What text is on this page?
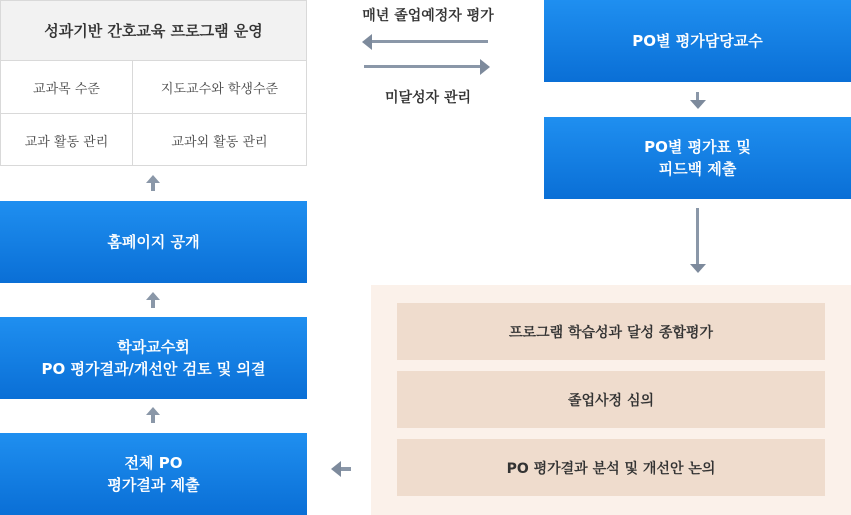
성과기반 간호교육 프로그램 운영
교과목 수준	지도교수와 학생수준
교과 활동 관리	교과외 활동 관리
홈페이지 공개
학과교수회
PO 평가결과/개선안 검토 및 의결
전체 PO
평가결과 제출
매년 졸업예정자 평가
미달성자 관리
PO별 평가담당교수
PO별 평가표 및
피드백 제출
프로그램 학습성과 달성 종합평가
졸업사정 심의
PO 평가결과 분석 및 개선안 논의
